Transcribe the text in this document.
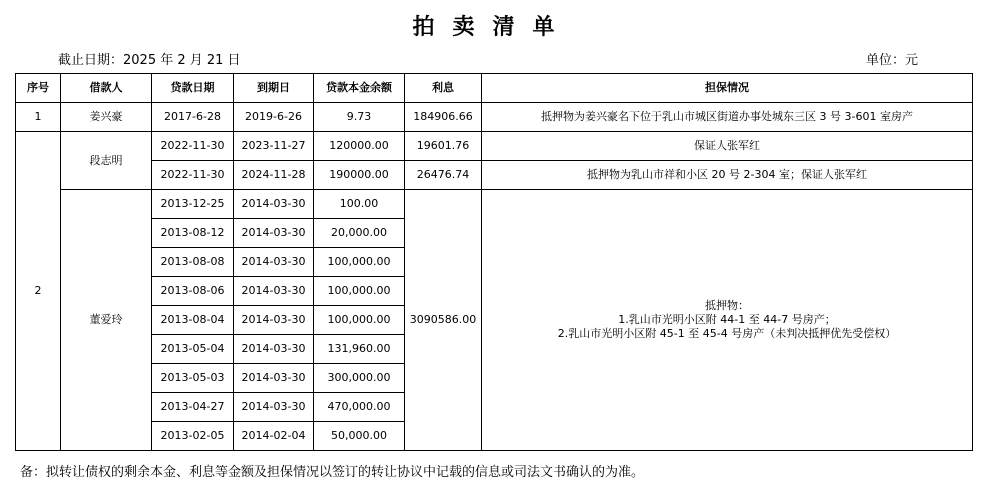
拍卖清单
截止日期：2025 年 2 月 21 日	单位：元
序号	借款人	贷款日期	到期日	贷款本金余额	利息	担保情况
1	姜兴豪	2017-6-28	2019-6-26	9.73	184906.66	抵押物为姜兴豪名下位于乳山市城区街道办事处城东三区 3 号 3-601 室房产
2	段志明	2022-11-30	2023-11-27	120000.00	19601.76	保证人张军红
		2022-11-30	2024-11-28	190000.00	26476.74	抵押物为乳山市祥和小区 20 号 2-304 室；保证人张军红
	董爱玲	2013-12-25	2014-03-30	100.00	3090586.00	抵押物：
1.乳山市光明小区附 44-1 至 44-7 号房产；
2.乳山市光明小区附 45-1 至 45-4 号房产（未判决抵押优先受偿权）

		2013-08-12	2014-03-30	20,000.00		
		2013-08-08	2014-03-30	100,000.00		
		2013-08-06	2014-03-30	100,000.00		
		2013-08-04	2014-03-30	100,000.00		
		2013-05-04	2014-03-30	131,960.00		
		2013-05-03	2014-03-30	300,000.00		
		2013-04-27	2014-03-30	470,000.00		
		2013-02-05	2014-02-04	50,000.00		
备：拟转让债权的剩余本金、利息等金额及担保情况以签订的转让协议中记载的信息或司法文书确认的为准。
